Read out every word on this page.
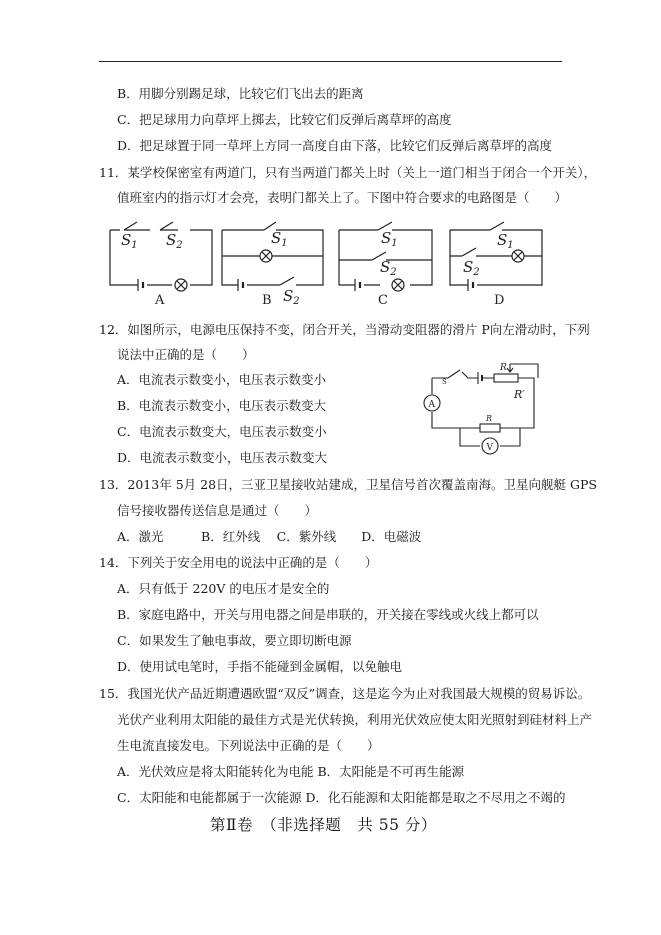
B．用脚分别踢足球，比较它们飞出去的距离
C．把足球用力向草坪上掷去，比较它们反弹后离草坪的高度
D．把足球置于同一草坪上方同一高度自由下落，比较它们反弹后离草坪的高度
11．某学校保密室有两道门，只有当两道门都关上时（关上一道门相当于闭合一个开关），
值班室内的指示灯才会亮，表明门都关上了。下图中符合要求的电路图是（　　）
$S_1$ $S_2$	$S_1$
$S_2$
$S_1$
$S_2$
$S_1$
$S_2$
A	B	C	D
12．如图所示，电源电压保持不变，闭合开关，当滑动变阻器的滑片 P向左滑动时，下列
说法中正确的是（　　）
A．电流表示数变小，电压表示数变小
B．电流表示数变小，电压表示数变大
C．电流表示数变大，电压表示数变小
D．电流表示数变小，电压表示数变大
R
R′
S
A
R
V
13．2013年 5月 28日，三亚卫星接收站建成，卫星信号首次覆盖南海。卫星向舰艇 GPS
信号接收器传送信息是通过（　　）
A．激光　　　B．红外线　 C．紫外线　　D．电磁波
14．下列关于安全用电的说法中正确的是（　　）
A．只有低于 220V 的电压才是安全的
B．家庭电路中，开关与用电器之间是串联的，开关接在零线或火线上都可以
C．如果发生了触电事故，要立即切断电源
D．使用试电笔时，手指不能碰到金属帽，以免触电
15．我国光伏产品近期遭遇欧盟“双反”调查，这是迄今为止对我国最大规模的贸易诉讼。
光伏产业利用太阳能的最佳方式是光伏转换，利用光伏效应使太阳光照射到硅材料上产
生电流直接发电。下列说法中正确的是（　　）
A．光伏效应是将太阳能转化为电能 B．太阳能是不可再生能源
C．太阳能和电能都属于一次能源 D．化石能源和太阳能都是取之不尽用之不竭的
第Ⅱ卷　（非选择题　共 55 分）
